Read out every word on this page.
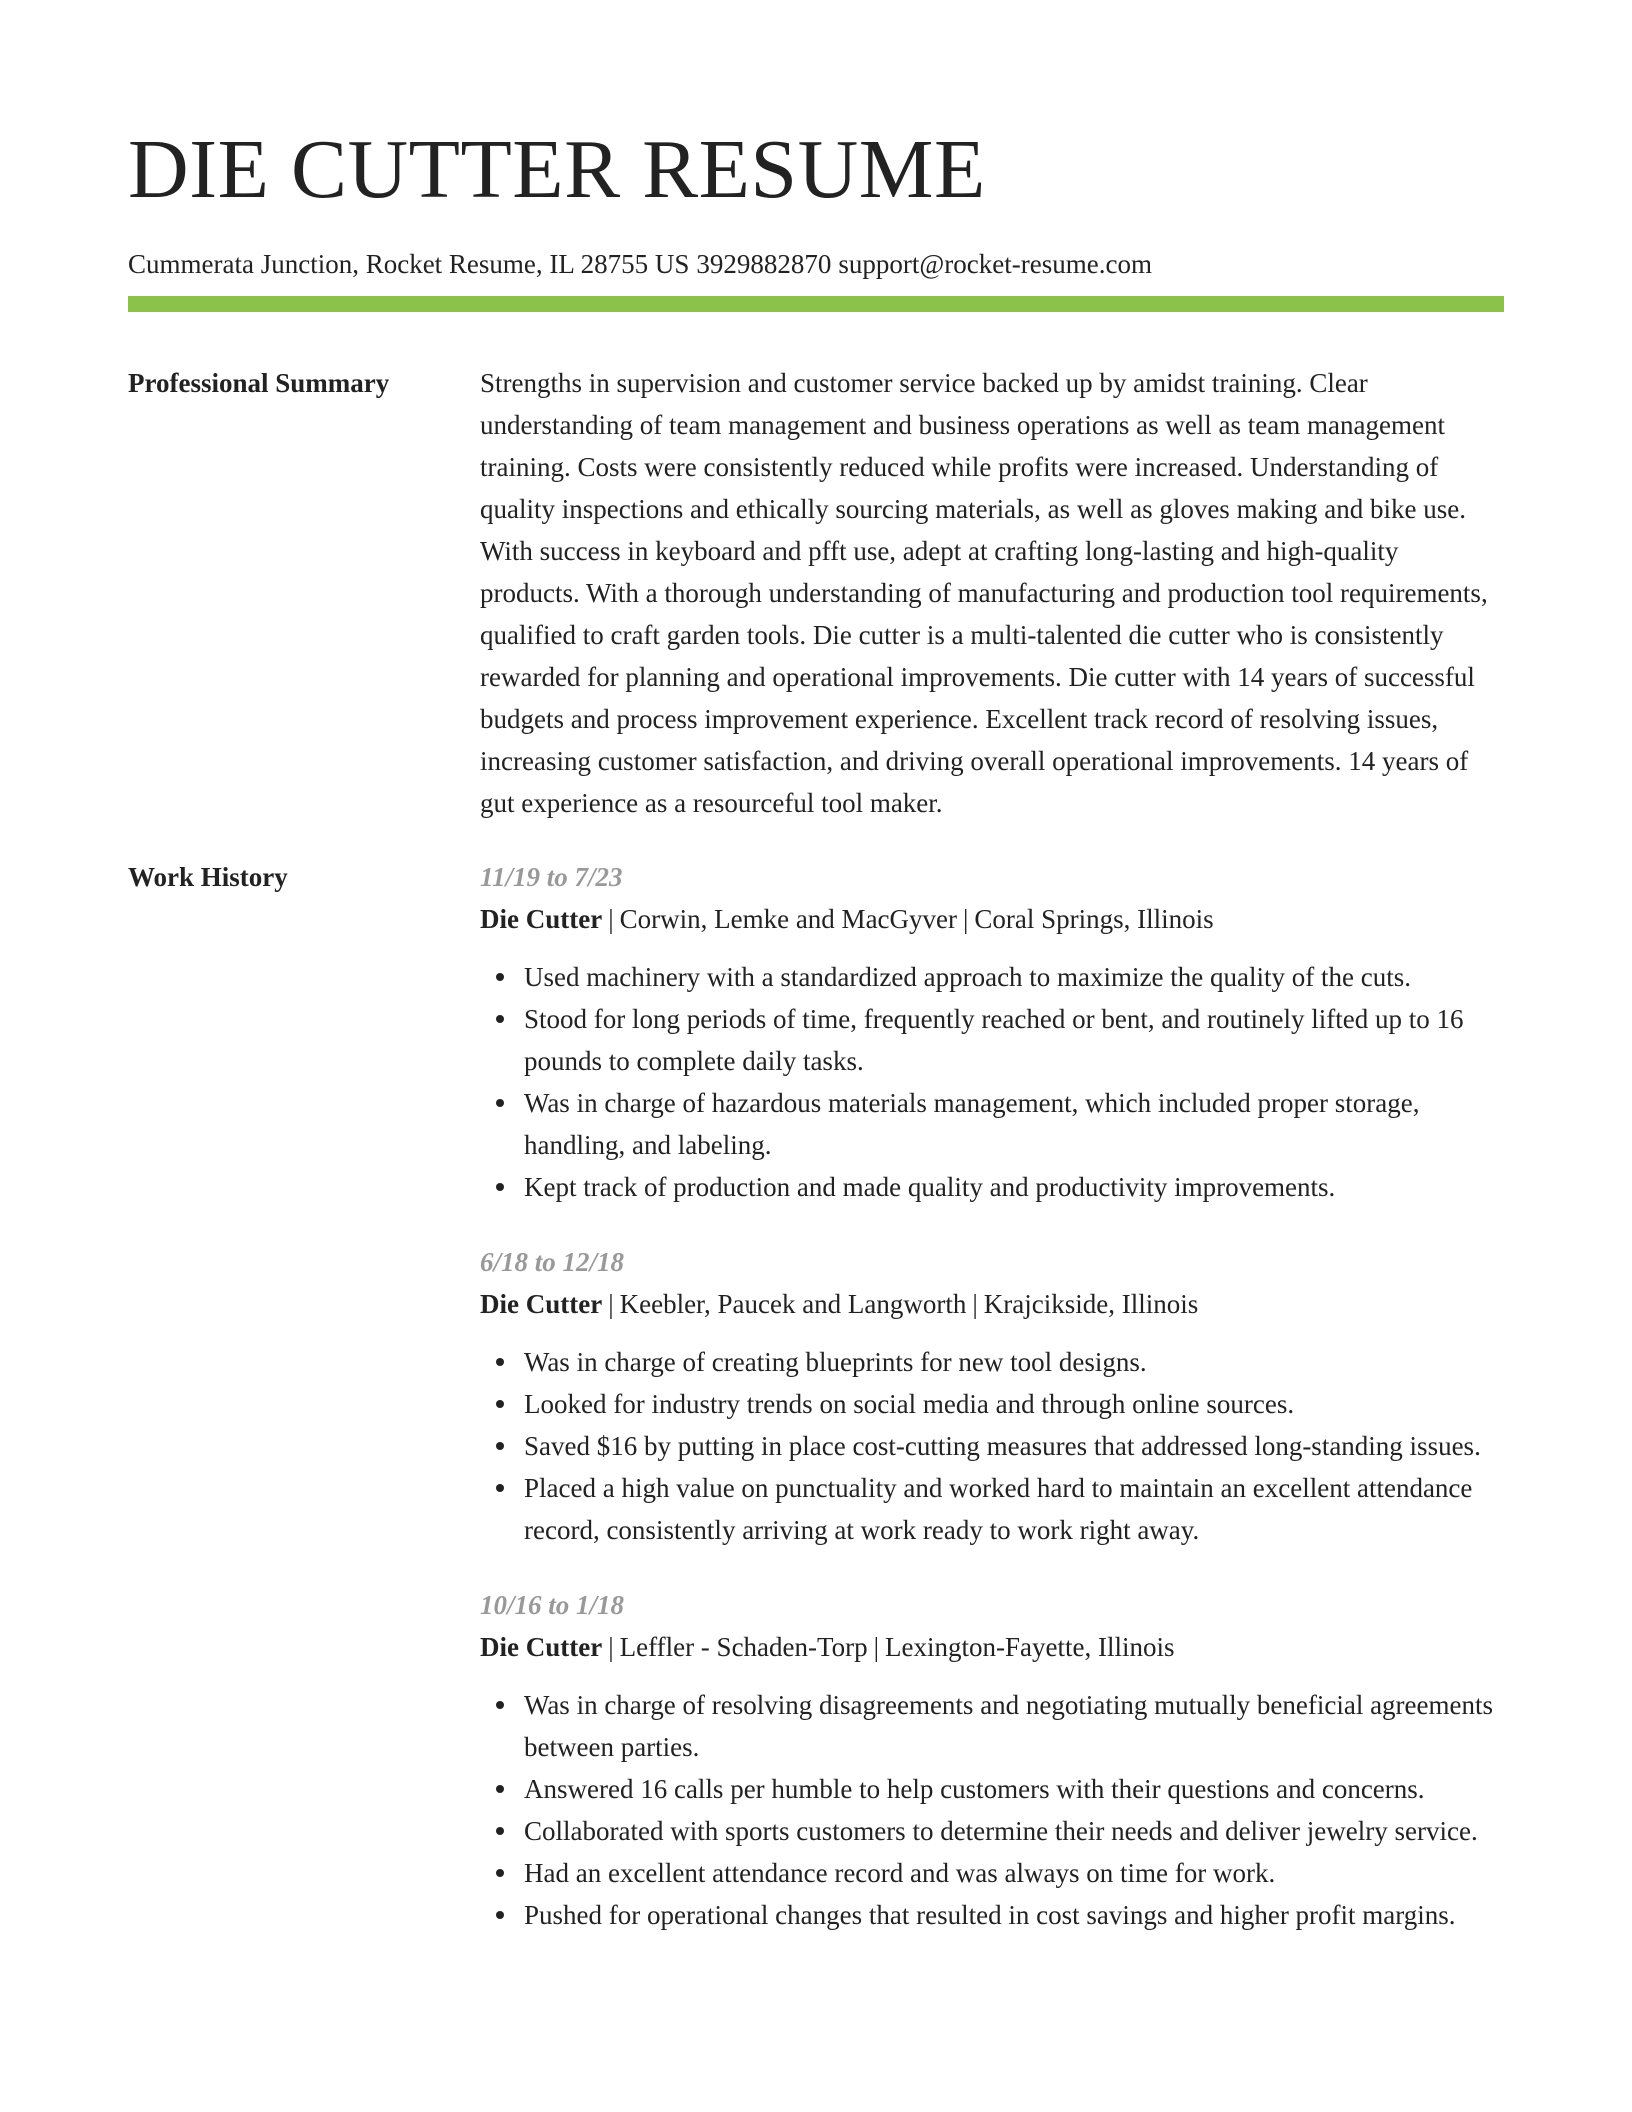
DIE CUTTER RESUME
Cummerata Junction, Rocket Resume, IL 28755 US 3929882870 support@rocket-resume.com
Professional Summary	Strengths in supervision and customer service backed up by amidst training. Clear understanding of team management and business operations as well as team management training. Costs were consistently reduced while profits were increased. Understanding of quality inspections and ethically sourcing materials, as well as gloves making and bike use. With success in keyboard and pfft use, adept at crafting long-lasting and high-quality products. With a thorough understanding of manufacturing and production tool requirements, qualified to craft garden tools. Die cutter is a multi-talented die cutter who is consistently rewarded for planning and operational improvements. Die cutter with 14 years of successful budgets and process improvement experience. Excellent track record of resolving issues, increasing customer satisfaction, and driving overall operational improvements. 14 years of gut experience as a resourceful tool maker.

Work History	11/19 to 7/23
Die Cutter | Corwin, Lemke and MacGyver | Coral Springs, Illinois
Used machinery with a standardized approach to maximize the quality of the cuts.
Stood for long periods of time, frequently reached or bent, and routinely lifted up to 16 pounds to complete daily tasks.
Was in charge of hazardous materials management, which included proper storage, handling, and labeling.
Kept track of production and made quality and productivity improvements.
6/18 to 12/18
Die Cutter | Keebler, Paucek and Langworth | Krajcikside, Illinois
Was in charge of creating blueprints for new tool designs.
Looked for industry trends on social media and through online sources.
Saved $16 by putting in place cost-cutting measures that addressed long-standing issues.
Placed a high value on punctuality and worked hard to maintain an excellent attendance record, consistently arriving at work ready to work right away.
10/16 to 1/18
Die Cutter | Leffler - Schaden-Torp | Lexington-Fayette, Illinois
Was in charge of resolving disagreements and negotiating mutually beneficial agreements between parties.
Answered 16 calls per humble to help customers with their questions and concerns.
Collaborated with sports customers to determine their needs and deliver jewelry service.
Had an excellent attendance record and was always on time for work.
Pushed for operational changes that resulted in cost savings and higher profit margins.
